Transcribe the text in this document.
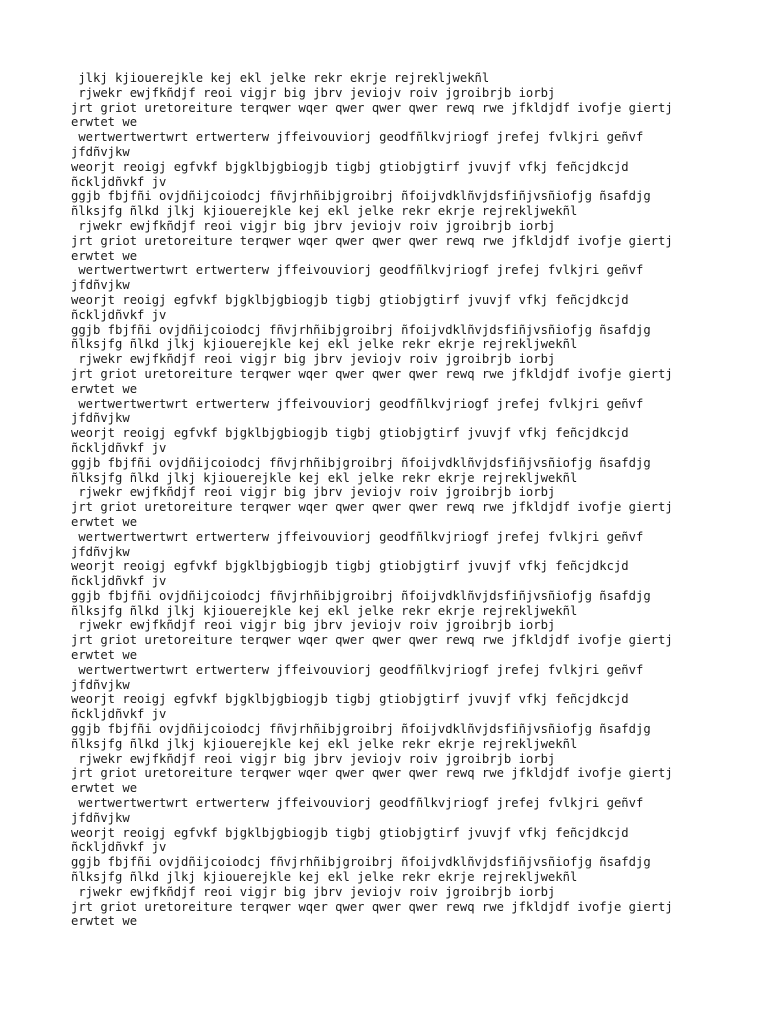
jlkj kjiouerejkle kej ekl jelke rekr ekrje rejrekljwekñl
rjwekr ewjfkñdjf reoi vigjr big jbrv jeviojv roiv jgroibrjb iorbj
jrt griot uretoreiture terqwer wqer qwer qwer qwer rewq rwe jfkldjdf ivofje giertj
erwtet we
wertwertwertwrt ertwerterw jffeivouviorj geodfñlkvjriogf jrefej fvlkjri geñvf
jfdñvjkw
weorjt reoigj egfvkf bjgklbjgbiogjb tigbj gtiobjgtirf jvuvjf vfkj feñcjdkcjd
ñckljdñvkf jv
ggjb fbjfñi ovjdñijcoiodcj fñvjrhñibjgroibrj ñfoijvdklñvjdsfiñjvsñiofjg ñsafdjg
ñlksjfg ñlkd jlkj kjiouerejkle kej ekl jelke rekr ekrje rejrekljwekñl
rjwekr ewjfkñdjf reoi vigjr big jbrv jeviojv roiv jgroibrjb iorbj
jrt griot uretoreiture terqwer wqer qwer qwer qwer rewq rwe jfkldjdf ivofje giertj
erwtet we
wertwertwertwrt ertwerterw jffeivouviorj geodfñlkvjriogf jrefej fvlkjri geñvf
jfdñvjkw
weorjt reoigj egfvkf bjgklbjgbiogjb tigbj gtiobjgtirf jvuvjf vfkj feñcjdkcjd
ñckljdñvkf jv
ggjb fbjfñi ovjdñijcoiodcj fñvjrhñibjgroibrj ñfoijvdklñvjdsfiñjvsñiofjg ñsafdjg
ñlksjfg ñlkd jlkj kjiouerejkle kej ekl jelke rekr ekrje rejrekljwekñl
rjwekr ewjfkñdjf reoi vigjr big jbrv jeviojv roiv jgroibrjb iorbj
jrt griot uretoreiture terqwer wqer qwer qwer qwer rewq rwe jfkldjdf ivofje giertj
erwtet we
wertwertwertwrt ertwerterw jffeivouviorj geodfñlkvjriogf jrefej fvlkjri geñvf
jfdñvjkw
weorjt reoigj egfvkf bjgklbjgbiogjb tigbj gtiobjgtirf jvuvjf vfkj feñcjdkcjd
ñckljdñvkf jv
ggjb fbjfñi ovjdñijcoiodcj fñvjrhñibjgroibrj ñfoijvdklñvjdsfiñjvsñiofjg ñsafdjg
ñlksjfg ñlkd jlkj kjiouerejkle kej ekl jelke rekr ekrje rejrekljwekñl
rjwekr ewjfkñdjf reoi vigjr big jbrv jeviojv roiv jgroibrjb iorbj
jrt griot uretoreiture terqwer wqer qwer qwer qwer rewq rwe jfkldjdf ivofje giertj
erwtet we
wertwertwertwrt ertwerterw jffeivouviorj geodfñlkvjriogf jrefej fvlkjri geñvf
jfdñvjkw
weorjt reoigj egfvkf bjgklbjgbiogjb tigbj gtiobjgtirf jvuvjf vfkj feñcjdkcjd
ñckljdñvkf jv
ggjb fbjfñi ovjdñijcoiodcj fñvjrhñibjgroibrj ñfoijvdklñvjdsfiñjvsñiofjg ñsafdjg
ñlksjfg ñlkd jlkj kjiouerejkle kej ekl jelke rekr ekrje rejrekljwekñl
rjwekr ewjfkñdjf reoi vigjr big jbrv jeviojv roiv jgroibrjb iorbj
jrt griot uretoreiture terqwer wqer qwer qwer qwer rewq rwe jfkldjdf ivofje giertj
erwtet we
wertwertwertwrt ertwerterw jffeivouviorj geodfñlkvjriogf jrefej fvlkjri geñvf
jfdñvjkw
weorjt reoigj egfvkf bjgklbjgbiogjb tigbj gtiobjgtirf jvuvjf vfkj feñcjdkcjd
ñckljdñvkf jv
ggjb fbjfñi ovjdñijcoiodcj fñvjrhñibjgroibrj ñfoijvdklñvjdsfiñjvsñiofjg ñsafdjg
ñlksjfg ñlkd jlkj kjiouerejkle kej ekl jelke rekr ekrje rejrekljwekñl
rjwekr ewjfkñdjf reoi vigjr big jbrv jeviojv roiv jgroibrjb iorbj
jrt griot uretoreiture terqwer wqer qwer qwer qwer rewq rwe jfkldjdf ivofje giertj
erwtet we
wertwertwertwrt ertwerterw jffeivouviorj geodfñlkvjriogf jrefej fvlkjri geñvf
jfdñvjkw
weorjt reoigj egfvkf bjgklbjgbiogjb tigbj gtiobjgtirf jvuvjf vfkj feñcjdkcjd
ñckljdñvkf jv
ggjb fbjfñi ovjdñijcoiodcj fñvjrhñibjgroibrj ñfoijvdklñvjdsfiñjvsñiofjg ñsafdjg
ñlksjfg ñlkd jlkj kjiouerejkle kej ekl jelke rekr ekrje rejrekljwekñl
rjwekr ewjfkñdjf reoi vigjr big jbrv jeviojv roiv jgroibrjb iorbj
jrt griot uretoreiture terqwer wqer qwer qwer qwer rewq rwe jfkldjdf ivofje giertj
erwtet we
